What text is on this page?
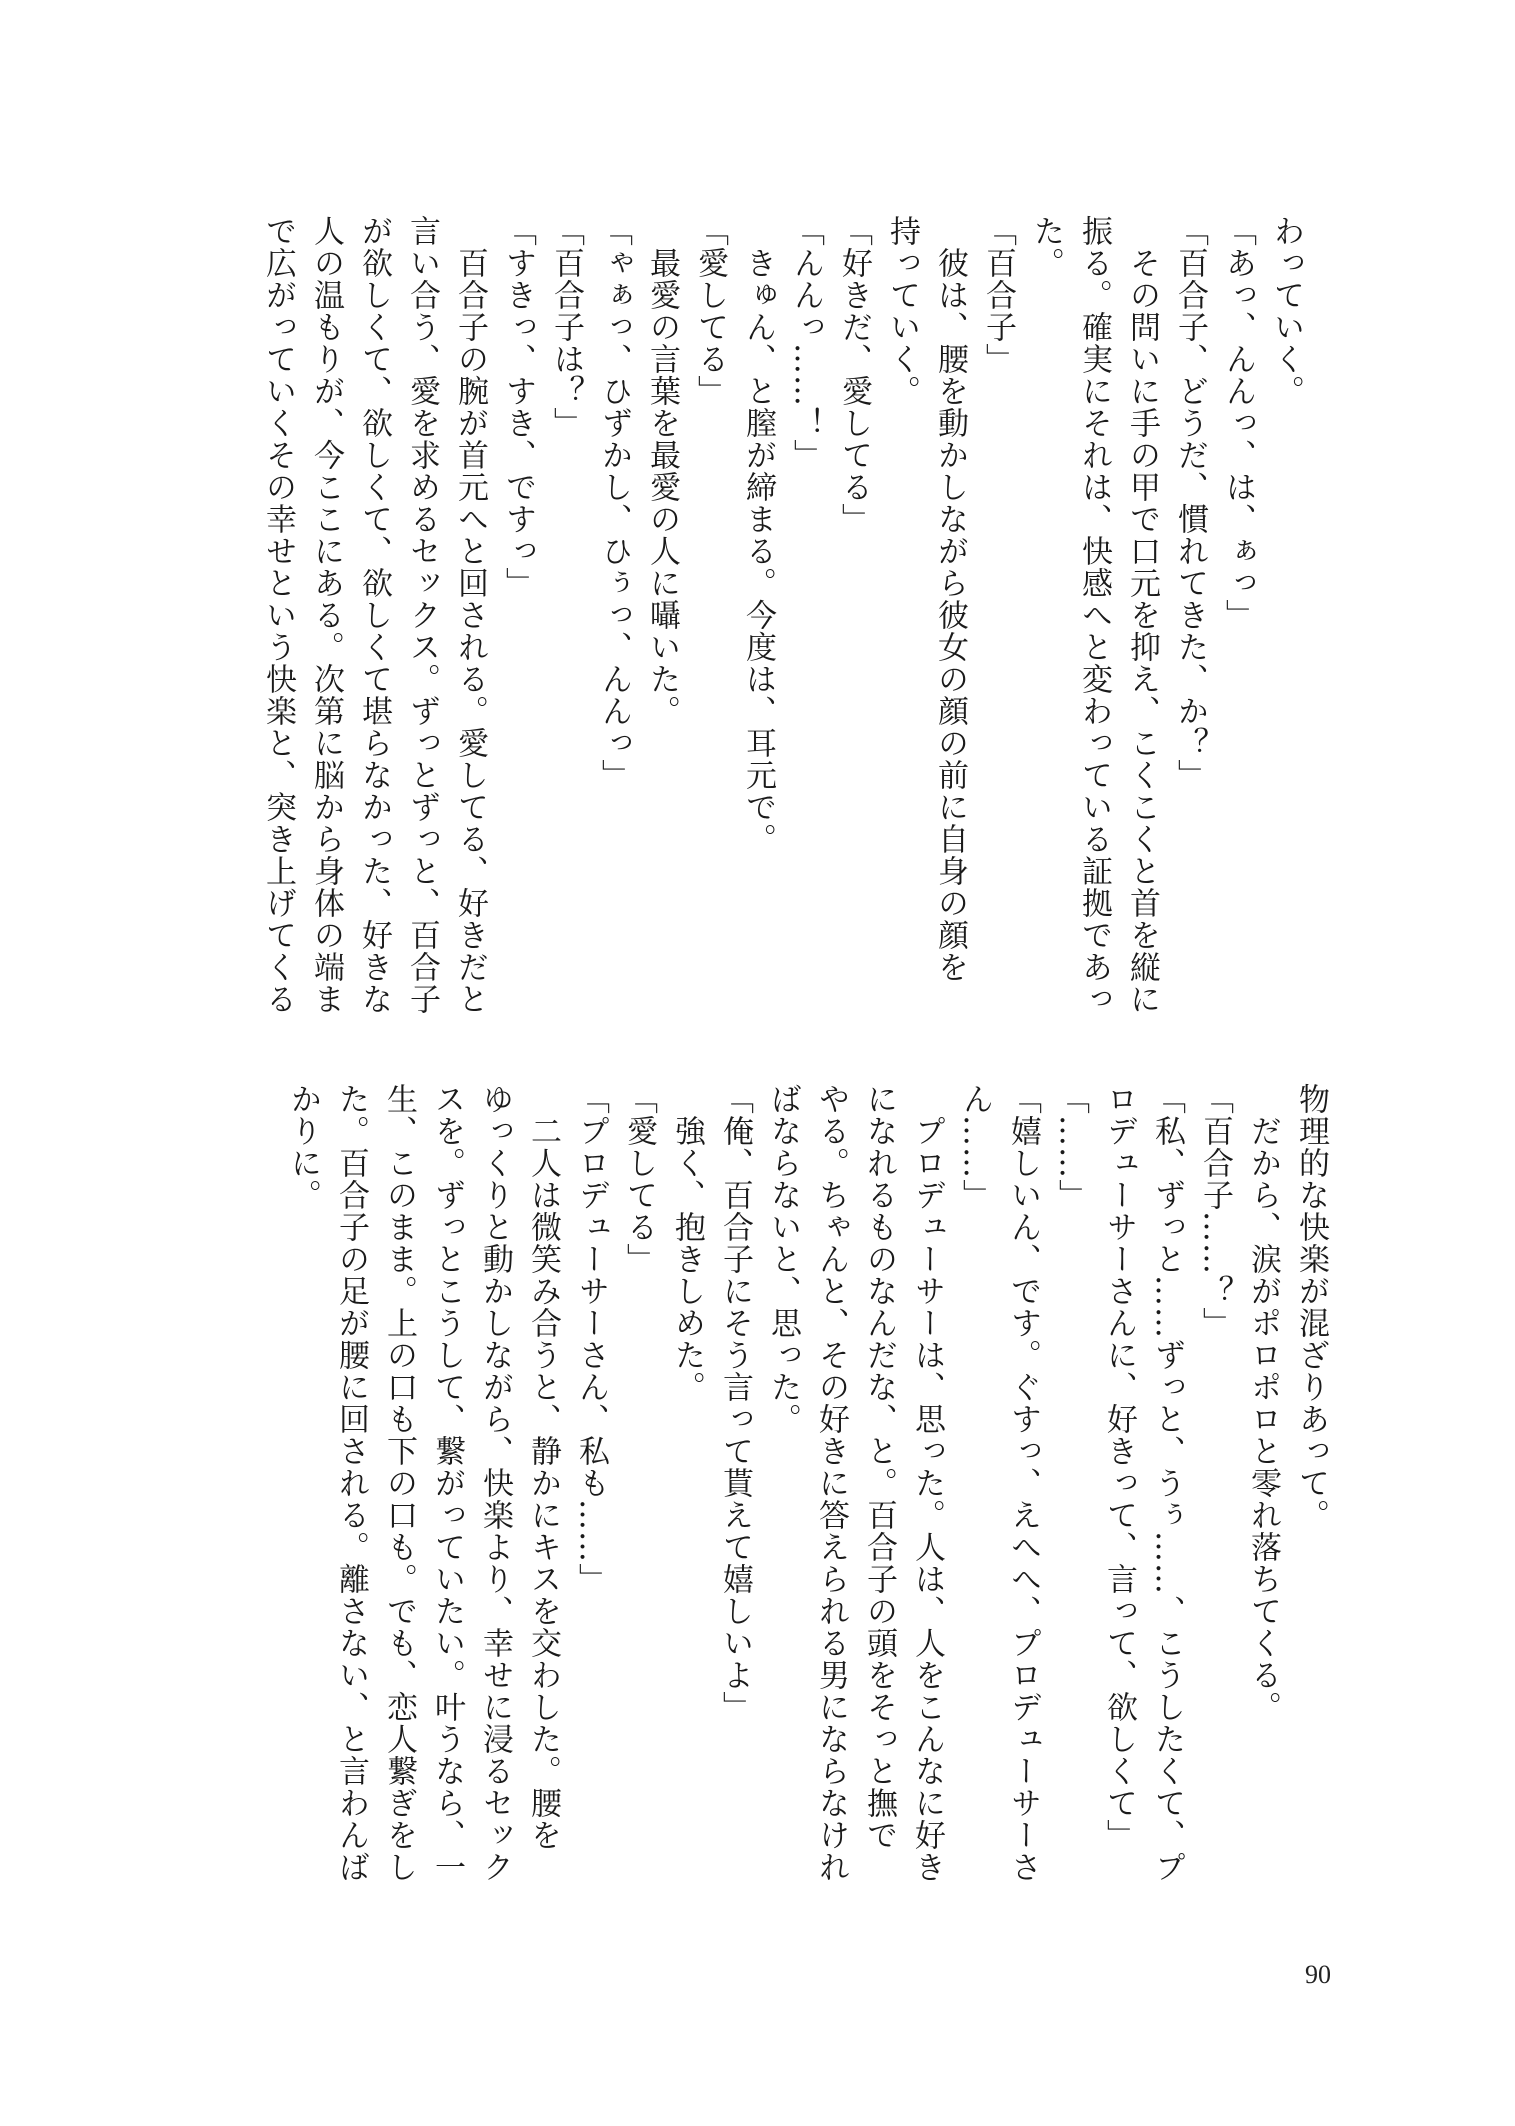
わっていく。
「あっ、んんっ、は、ぁっ」
「百合子、どうだ、慣れてきた、か？」
　その問いに手の甲で口元を抑え、こくこくと首を縦に
振る。確実にそれは、快感へと変わっている証拠であっ
た。
「百合子」
　彼は、腰を動かしながら彼女の顔の前に自身の顔を
持っていく。
「好きだ、愛してる」
「んんっ……！」
　きゅん、と膣が締まる。今度は、耳元で。
「愛してる」
　最愛の言葉を最愛の人に囁いた。
「ゃぁっ、ひずかし、ひぅっ、んんっ」
「百合子は？」
「すきっ、すき、ですっ」
　百合子の腕が首元へと回される。愛してる、好きだと
言い合う、愛を求めるセックス。ずっとずっと、百合子
が欲しくて、欲しくて、欲しくて堪らなかった、好きな
人の温もりが、今ここにある。次第に脳から身体の端ま
で広がっていくその幸せという快楽と、突き上げてくる
物理的な快楽が混ざりあって。
　だから、涙がポロポロと零れ落ちてくる。
「百合子……？」
「私、ずっと……ずっと、うぅ……、こうしたくて、プ
ロデューサーさんに、好きって、言って、欲しくて」
「……」
「嬉しいん、です。ぐすっ、えへへ、プロデューサーさ
ん……」
　プロデューサーは、思った。人は、人をこんなに好き
になれるものなんだな、と。百合子の頭をそっと撫で
やる。ちゃんと、その好きに答えられる男にならなけれ
ばならないと、思った。
「俺、百合子にそう言って貰えて嬉しいよ」
　強く、抱きしめた。
「愛してる」
「プロデューサーさん、私も……」
　二人は微笑み合うと、静かにキスを交わした。腰を
ゆっくりと動かしながら、快楽より、幸せに浸るセック
スを。ずっとこうして、繋がっていたい。叶うなら、一
生、このまま。上の口も下の口も。でも、恋人繋ぎをし
た。百合子の足が腰に回される。離さない、と言わんば
かりに。
90
